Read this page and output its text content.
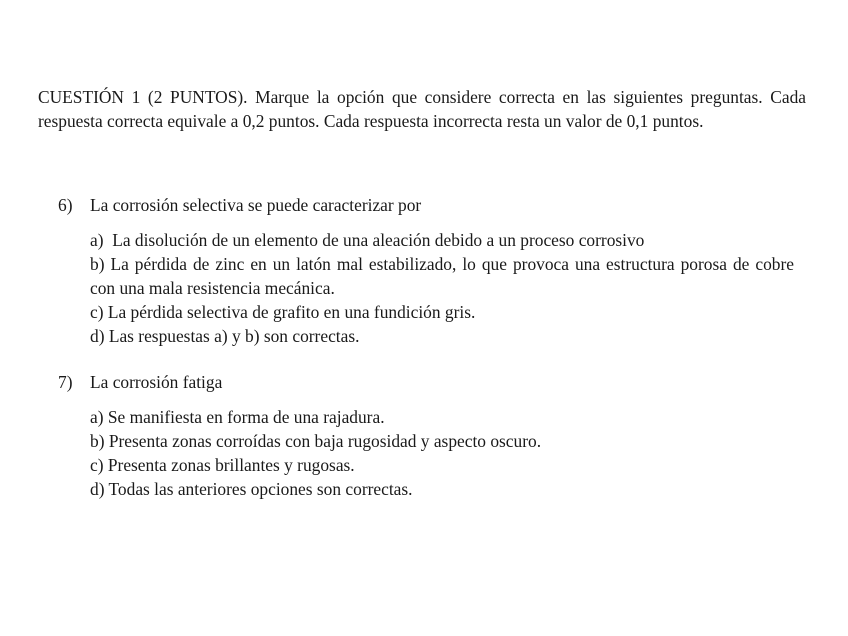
CUESTIÓN 1 (2 PUNTOS). Marque la opción que considere correcta en las siguientes preguntas. Cada respuesta correcta equivale a 0,2 puntos. Cada respuesta incorrecta resta un valor de 0,1 puntos.
6)	La corrosión selectiva se puede caracterizar por
a)  La disolución de un elemento de una aleación debido a un proceso corrosivo
b) La pérdida de zinc en un latón mal estabilizado, lo que provoca una estructura porosa de cobre con una mala resistencia mecánica.
c) La pérdida selectiva de grafito en una fundición gris.
d) Las respuestas a) y b) son correctas.
7)	La corrosión fatiga
a) Se manifiesta en forma de una rajadura.
b) Presenta zonas corroídas con baja rugosidad y aspecto oscuro.
c) Presenta zonas brillantes y rugosas.
d) Todas las anteriores opciones son correctas.
